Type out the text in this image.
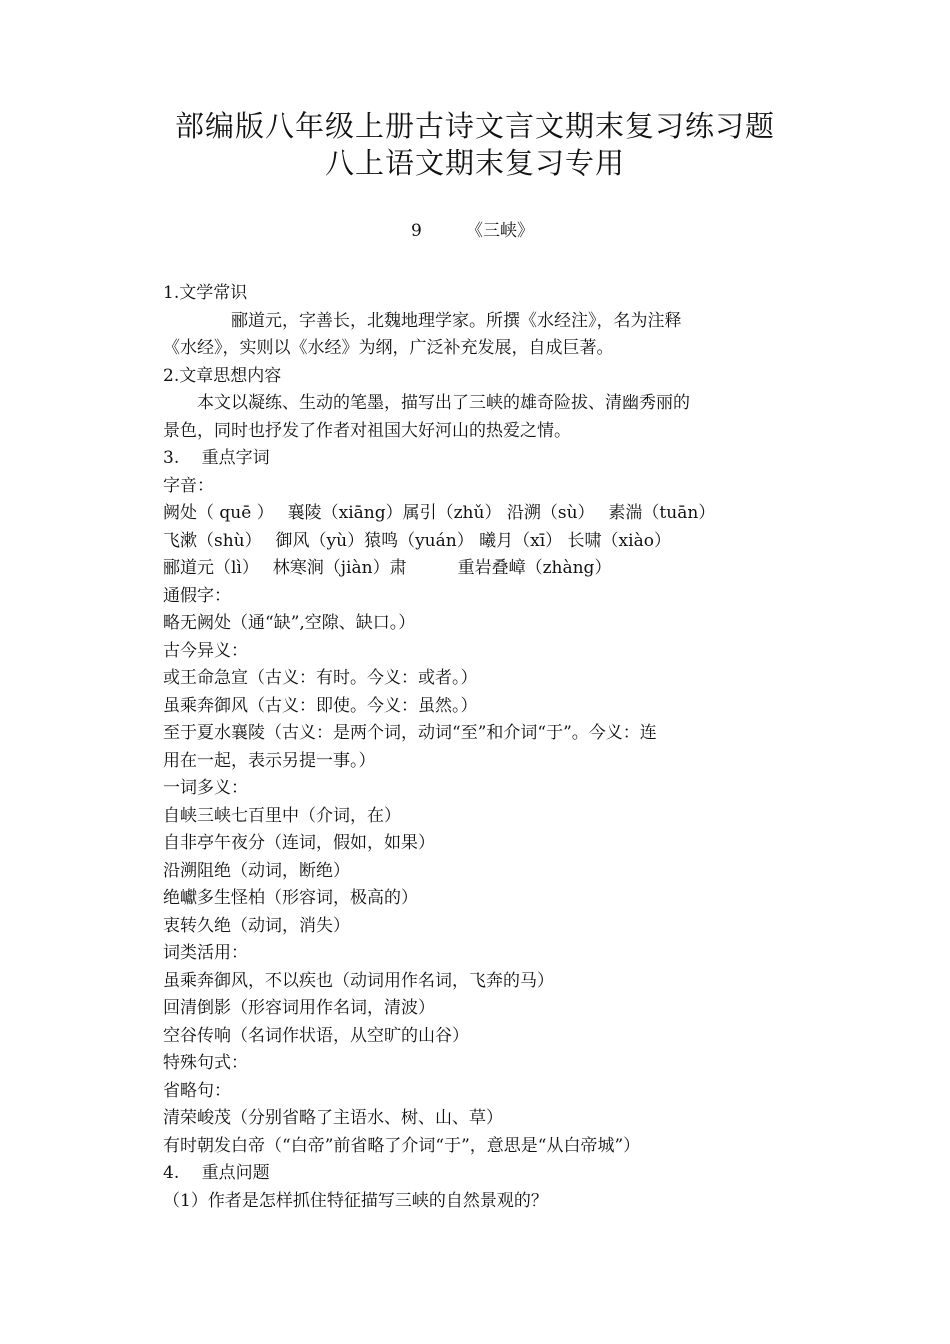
部编版八年级上册古诗文言文期末复习练习题
八上语文期末复习专用
9	《三峡》
1.文学常识
　　　　郦道元，字善长，北魏地理学家。所撰《水经注》，名为注释
《水经》，实则以《水经》为纲，广泛补充发展，自成巨著。
2.文章思想内容
　　本文以凝练、生动的笔墨，描写出了三峡的雄奇险拔、清幽秀丽的
景色，同时也抒发了作者对祖国大好河山的热爱之情。
3.　 重点字词
字音：
阙处（ quē ）　 襄陵（xiāng）属引（zhǔ） 沿溯（sù）　 素湍（tuān）
飞漱（shù）　 御风（yù）猿鸣（yuán） 曦月（xī） 长啸（xiào）
郦道元（lì）　 林寒涧（jiàn）肃　　　重岩叠嶂（zhàng）
通假字：
略无阙处（通“缺”,空隙、缺口。）
古今异义：
或王命急宣（古义：有时。今义：或者。）
虽乘奔御风（古义：即使。今义：虽然。）
至于夏水襄陵（古义：是两个词，动词“至”和介词“于”。今义：连
用在一起，表示另提一事。）
一词多义：
自峡三峡七百里中（介词，在）
自非亭午夜分（连词，假如，如果）
沿溯阻绝（动词，断绝）
绝巘多生怪柏（形容词，极高的）
衷转久绝（动词，消失）
词类活用：
虽乘奔御风，不以疾也（动词用作名词，飞奔的马）
回清倒影（形容词用作名词，清波）
空谷传响（名词作状语，从空旷的山谷）
特殊句式：
省略句：
清荣峻茂（分别省略了主语水、树、山、草）
有时朝发白帝（“白帝”前省略了介词“于”，意思是“从白帝城”）
4.　 重点问题
（1）作者是怎样抓住特征描写三峡的自然景观的？
